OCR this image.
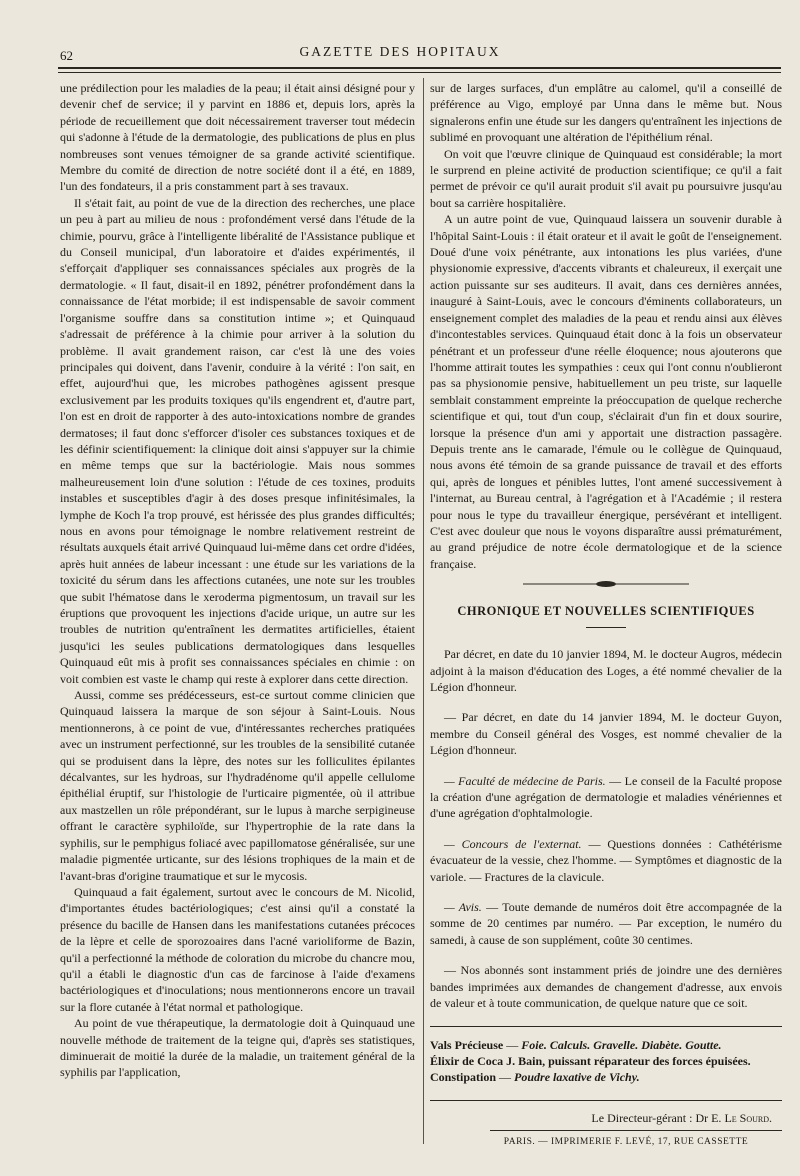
62	GAZETTE DES HOPITAUX

une prédilection pour les maladies de la peau; il était ainsi désigné pour y devenir chef de service; il y parvint en 1886 et, depuis lors, après la période de recueillement que doit nécessairement traverser tout médecin qui s'adonne à l'étude de la dermatologie, des publications de plus en plus nombreuses sont venues témoigner de sa grande activité scientifique. Membre du comité de direction de notre société dont il a été, en 1889, l'un des fondateurs, il a pris constamment part à ses travaux.

Il s'était fait, au point de vue de la direction des recherches, une place un peu à part au milieu de nous : profondément versé dans l'étude de la chimie, pourvu, grâce à l'intelligente libéralité de l'Assistance publique et du Conseil municipal, d'un laboratoire et d'aides expérimentés, il s'efforçait d'appliquer ses connaissances spéciales aux progrès de la dermatologie. « Il faut, disait-il en 1892, pénétrer profondément dans la connaissance de l'état morbide; il est indispensable de savoir comment l'organisme souffre dans sa constitution intime »; et Quinquaud s'adressait de préférence à la chimie pour arriver à la solution du problème. Il avait grandement raison, car c'est là une des voies principales qui doivent, dans l'avenir, conduire à la vérité : l'on sait, en effet, aujourd'hui que, les microbes pathogènes agissent presque exclusivement par les produits toxiques qu'ils engendrent et, d'autre part, l'on est en droit de rapporter à des auto-intoxications nombre de grandes dermatoses; il faut donc s'efforcer d'isoler ces substances toxiques et de les définir scientifiquement: la clinique doit ainsi s'appuyer sur la chimie en même temps que sur la bactériologie. Mais nous sommes malheureusement loin d'une solution : l'étude de ces toxines, produits instables et susceptibles d'agir à des doses presque infinitésimales, la lymphe de Koch l'a trop prouvé, est hérissée des plus grandes difficultés; nous en avons pour témoignage le nombre relativement restreint de résultats auxquels était arrivé Quinquaud lui-même dans cet ordre d'idées, après huit années de labeur incessant : une étude sur les variations de la toxicité du sérum dans les affections cutanées, une note sur les troubles que subit l'hématose dans le xeroderma pigmentosum, un travail sur les éruptions que provoquent les injections d'acide urique, un autre sur les troubles de nutrition qu'entraînent les dermatites artificielles, étaient jusqu'ici les seules publications dermatologiques dans lesquelles Quinquaud eût mis à profit ses connaissances spéciales en chimie : on voit combien est vaste le champ qui reste à explorer dans cette direction.

Aussi, comme ses prédécesseurs, est-ce surtout comme clinicien que Quinquaud laissera la marque de son séjour à Saint-Louis. Nous mentionnerons, à ce point de vue, d'intéressantes recherches pratiquées avec un instrument perfectionné, sur les troubles de la sensibilité cutanée qui se produisent dans la lèpre, des notes sur les folliculites épilantes décalvantes, sur les hydroas, sur l'hydradénome qu'il appelle cellulome épithélial éruptif, sur l'histologie de l'urticaire pigmentée, où il attribue aux mastzellen un rôle prépondérant, sur le lupus à marche serpigineuse offrant le caractère syphiloïde, sur l'hypertrophie de la rate dans la syphilis, sur le pemphigus foliacé avec papillomatose généralisée, sur une maladie pigmentée urticante, sur des lésions trophiques de la main et de l'avant-bras d'origine traumatique et sur le mycosis.

Quinquaud a fait également, surtout avec le concours de M. Nicolid, d'importantes études bactériologiques; c'est ainsi qu'il a constaté la présence du bacille de Hansen dans les manifestations cutanées précoces de la lèpre et celle de sporozoaires dans l'acné varioliforme de Bazin, qu'il a perfectionné la méthode de coloration du microbe du chancre mou, qu'il a établi le diagnostic d'un cas de farcinose à l'aide d'examens bactériologiques et d'inoculations; nous mentionnerons encore un travail sur la flore cutanée à l'état normal et pathologique.

Au point de vue thérapeutique, la dermatologie doit à Quinquaud une nouvelle méthode de traitement de la teigne qui, d'après ses statistiques, diminuerait de moitié la durée de la maladie, un traitement général de la syphilis par l'application,

sur de larges surfaces, d'un emplâtre au calomel, qu'il a conseillé de préférence au Vigo, employé par Unna dans le même but. Nous signalerons enfin une étude sur les dangers qu'entraînent les injections de sublimé en provoquant une altération de l'épithélium rénal.

On voit que l'œuvre clinique de Quinquaud est considérable; la mort le surprend en pleine activité de production scientifique; ce qu'il a fait permet de prévoir ce qu'il aurait produit s'il avait pu poursuivre jusqu'au bout sa carrière hospitalière.

A un autre point de vue, Quinquaud laissera un souvenir durable à l'hôpital Saint-Louis : il était orateur et il avait le goût de l'enseignement. Doué d'une voix pénétrante, aux intonations les plus variées, d'une physionomie expressive, d'accents vibrants et chaleureux, il exerçait une action puissante sur ses auditeurs. Il avait, dans ces dernières années, inauguré à Saint-Louis, avec le concours d'éminents collaborateurs, un enseignement complet des maladies de la peau et rendu ainsi aux élèves d'incontestables services. Quinquaud était donc à la fois un observateur pénétrant et un professeur d'une réelle éloquence; nous ajouterons que l'homme attirait toutes les sympathies : ceux qui l'ont connu n'oublieront pas sa physionomie pensive, habituellement un peu triste, sur laquelle semblait constamment empreinte la préoccupation de quelque recherche scientifique et qui, tout d'un coup, s'éclairait d'un fin et doux sourire, lorsque la présence d'un ami y apportait une distraction passagère. Depuis trente ans le camarade, l'émule ou le collègue de Quinquaud, nous avons été témoin de sa grande puissance de travail et des efforts qui, après de longues et pénibles luttes, l'ont amené successivement à l'internat, au Bureau central, à l'agrégation et à l'Académie ; il restera pour nous le type du travailleur énergique, persévérant et intelligent. C'est avec douleur que nous le voyons disparaître aussi prématurément, au grand préjudice de notre école dermatologique et de la science française.

CHRONIQUE ET NOUVELLES SCIENTIFIQUES

Par décret, en date du 10 janvier 1894, M. le docteur Augros, médecin adjoint à la maison d'éducation des Loges, a été nommé chevalier de la Légion d'honneur.

— Par décret, en date du 14 janvier 1894, M. le docteur Guyon, membre du Conseil général des Vosges, est nommé chevalier de la Légion d'honneur.

— Faculté de médecine de Paris. — Le conseil de la Faculté propose la création d'une agrégation de dermatologie et maladies vénériennes et d'une agrégation d'ophtalmologie.

— Concours de l'externat. — Questions données : Cathétérisme évacuateur de la vessie, chez l'homme. — Symptômes et diagnostic de la variole. — Fractures de la clavicule.

— Avis. — Toute demande de numéros doit être accompagnée de la somme de 20 centimes par numéro. — Par exception, le numéro du samedi, à cause de son supplément, coûte 30 centimes.

— Nos abonnés sont instamment priés de joindre une des dernières bandes imprimées aux demandes de changement d'adresse, aux envois de valeur et à toute communication, de quelque nature que ce soit.

Vals Précieuse — Foie. Calculs. Gravelle. Diabète. Goutte.

Élixir de Coca J. Bain, puissant réparateur des forces épuisées.

Constipation — Poudre laxative de Vichy.

Le Directeur-gérant : Dr E. Le Sourd.
PARIS. — IMPRIMERIE F. LEVÉ, 17, RUE CASSETTE
